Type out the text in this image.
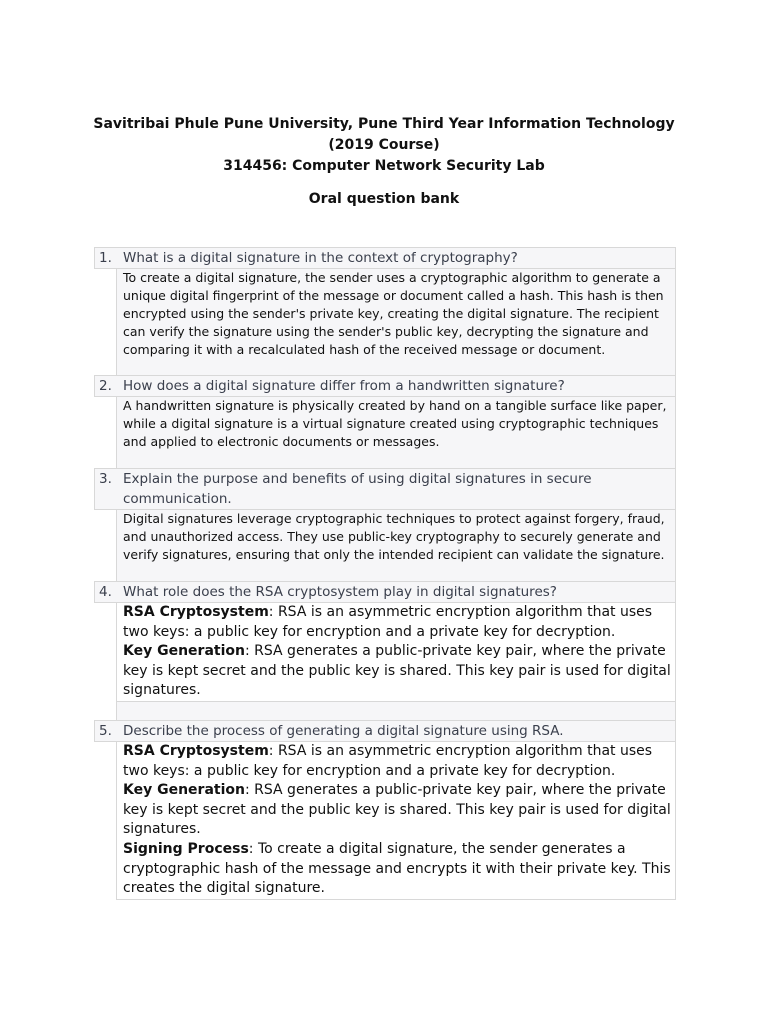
Savitribai Phule Pune University, Pune Third Year Information Technology
(2019 Course)
314456: Computer Network Security Lab
Oral question bank
1. What is a digital signature in the context of cryptography?
To create a digital signature, the sender uses a cryptographic algorithm to generate a unique digital fingerprint of the message or document called a hash. This hash is then encrypted using the sender's private key, creating the digital signature. The recipient can verify the signature using the sender's public key, decrypting the signature and comparing it with a recalculated hash of the received message or document.
2. How does a digital signature differ from a handwritten signature?
A handwritten signature is physically created by hand on a tangible surface like paper, while a digital signature is a virtual signature created using cryptographic techniques and applied to electronic documents or messages.
3. Explain the purpose and benefits of using digital signatures in secure communication.
Digital signatures leverage cryptographic techniques to protect against forgery, fraud, and unauthorized access. They use public-key cryptography to securely generate and verify signatures, ensuring that only the intended recipient can validate the signature.
4. What role does the RSA cryptosystem play in digital signatures?
RSA Cryptosystem: RSA is an asymmetric encryption algorithm that uses two keys: a public key for encryption and a private key for decryption.
Key Generation: RSA generates a public-private key pair, where the private key is kept secret and the public key is shared. This key pair is used for digital signatures.
5. Describe the process of generating a digital signature using RSA.
RSA Cryptosystem: RSA is an asymmetric encryption algorithm that uses two keys: a public key for encryption and a private key for decryption.
Key Generation: RSA generates a public-private key pair, where the private key is kept secret and the public key is shared. This key pair is used for digital signatures.
Signing Process: To create a digital signature, the sender generates a cryptographic hash of the message and encrypts it with their private key. This creates the digital signature.
